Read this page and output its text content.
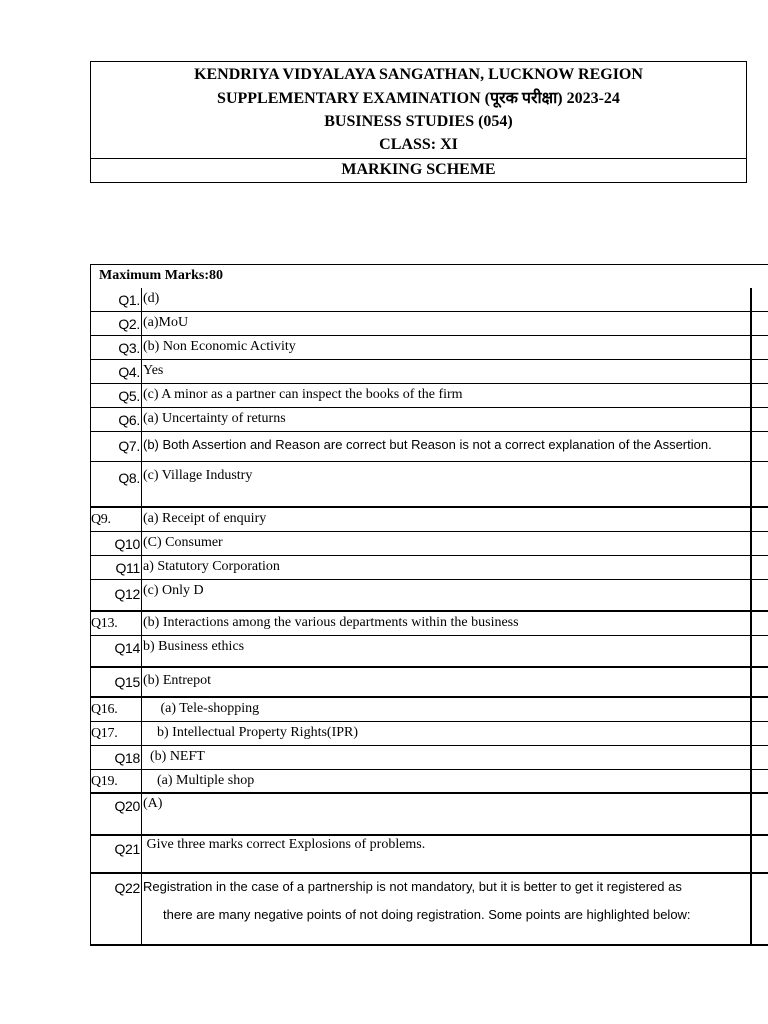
KENDRIYA VIDYALAYA SANGATHAN, LUCKNOW REGION
SUPPLEMENTARY EXAMINATION (पूरक परीक्षा) 2023-24
BUSINESS STUDIES (054)
CLASS: XI
MARKING SCHEME
Maximum Marks:80
Q1. (d)
Q2. (a)MoU
Q3. (b) Non Economic Activity
Q4. Yes
Q5. (c) A minor as a partner can inspect the books of the firm
Q6. (a) Uncertainty of returns
Q7. (b) Both Assertion and Reason are correct but Reason is not a correct explanation of the Assertion.
Q8. (c) Village Industry
Q9. (a) Receipt of enquiry
Q10 (C) Consumer
Q11 a) Statutory Corporation
Q12 (c) Only D
Q13. (b) Interactions among the various departments within the business
Q14 b) Business ethics
Q15 (b) Entrepot
Q16. (a) Tele-shopping
Q17. b) Intellectual Property Rights(IPR)
Q18 (b) NEFT
Q19. (a) Multiple shop
Q20 (A)
Q21 Give three marks correct Explosions of problems.
Q22 Registration in the case of a partnership is not mandatory, but it is better to get it registered as
there are many negative points of not doing registration. Some points are highlighted below:
